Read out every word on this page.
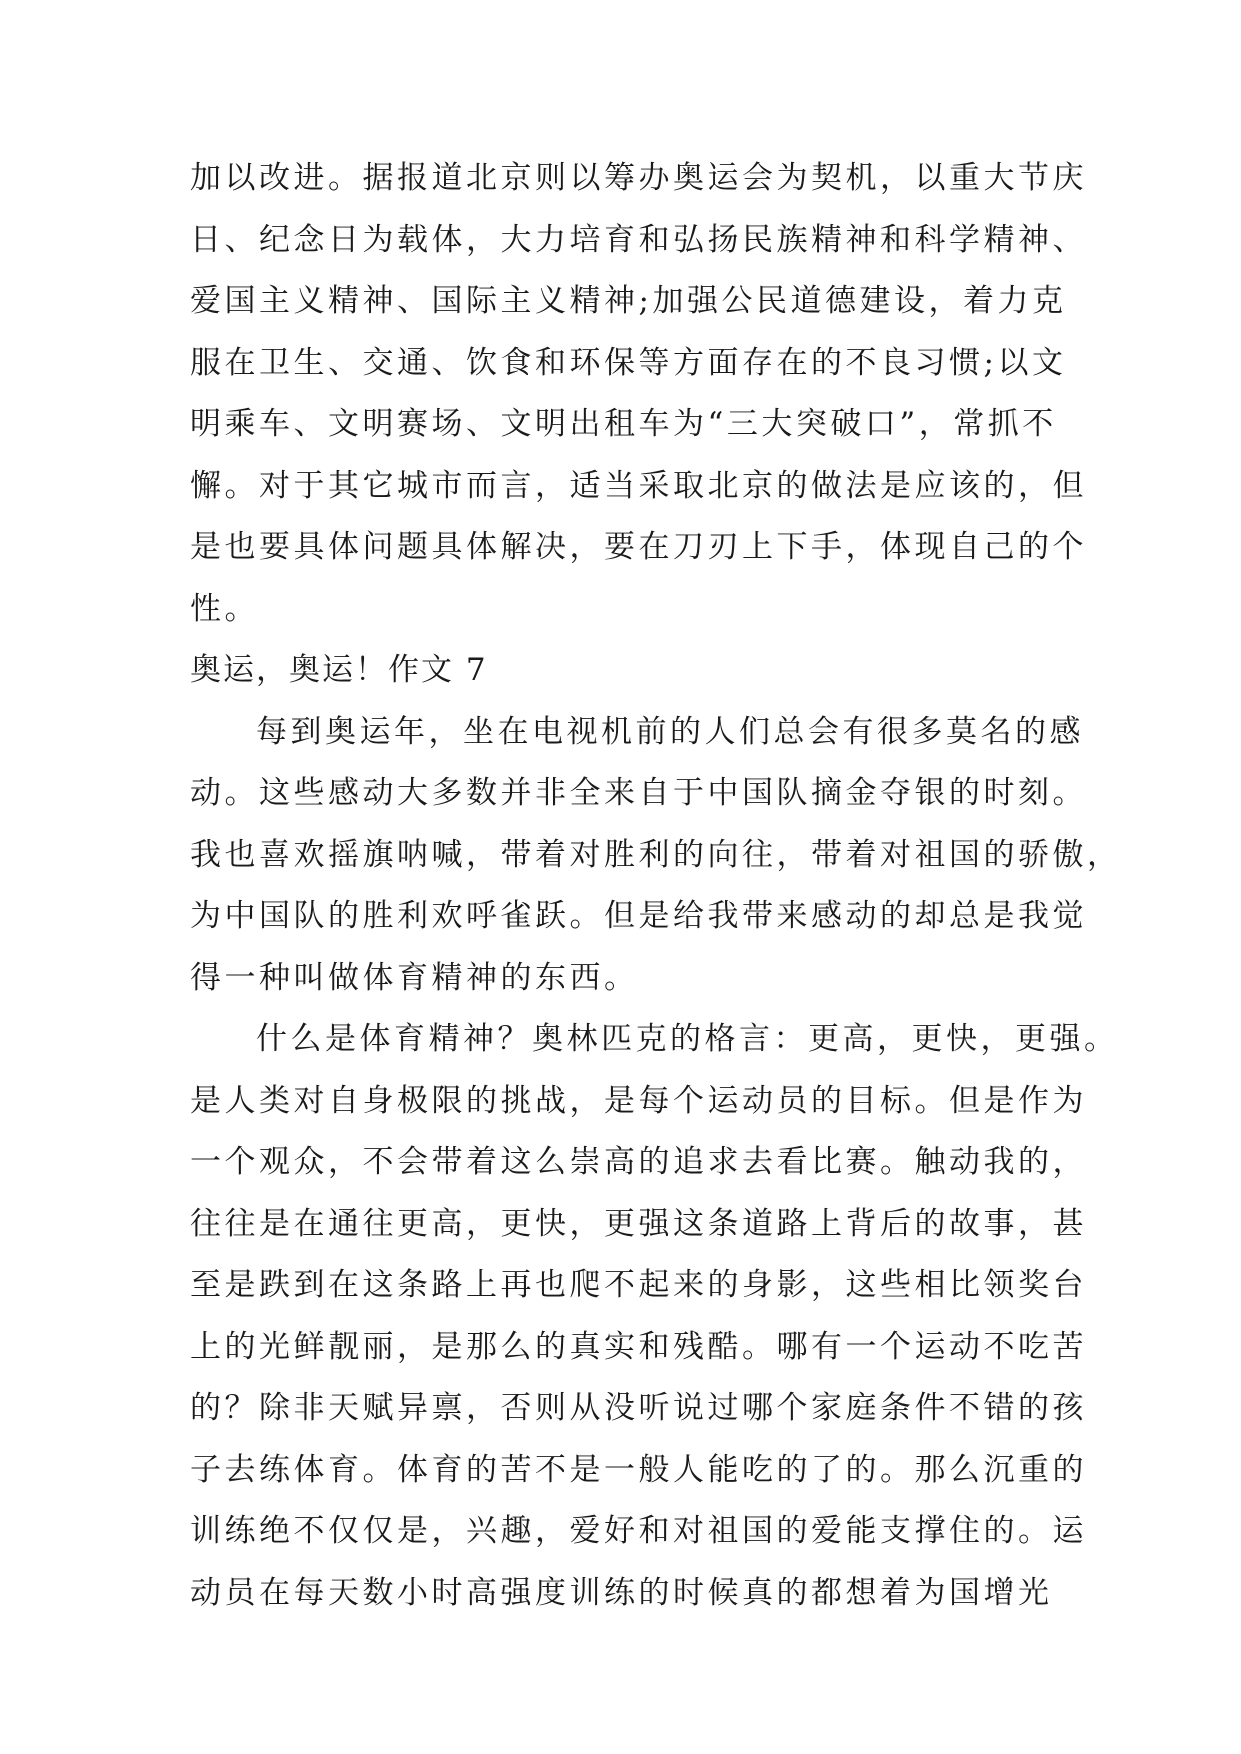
加以改进。据报道北京则以筹办奥运会为契机，以重大节庆
日、纪念日为载体，大力培育和弘扬民族精神和科学精神、
爱国主义精神、国际主义精神;加强公民道德建设，着力克
服在卫生、交通、饮食和环保等方面存在的不良习惯;以文
明乘车、文明赛场、文明出租车为“三大突破口”，常抓不
懈。对于其它城市而言，适当采取北京的做法是应该的，但
是也要具体问题具体解决，要在刀刃上下手，体现自己的个
性。
奥运，奥运！作文 7
每到奥运年，坐在电视机前的人们总会有很多莫名的感
动。这些感动大多数并非全来自于中国队摘金夺银的时刻。
我也喜欢摇旗呐喊，带着对胜利的向往，带着对祖国的骄傲，
为中国队的胜利欢呼雀跃。但是给我带来感动的却总是我觉
得一种叫做体育精神的东西。
什么是体育精神？奥林匹克的格言：更高，更快，更强。
是人类对自身极限的挑战，是每个运动员的目标。但是作为
一个观众，不会带着这么崇高的追求去看比赛。触动我的，
往往是在通往更高，更快，更强这条道路上背后的故事，甚
至是跌到在这条路上再也爬不起来的身影，这些相比领奖台
上的光鲜靓丽，是那么的真实和残酷。哪有一个运动不吃苦
的？除非天赋异禀，否则从没听说过哪个家庭条件不错的孩
子去练体育。体育的苦不是一般人能吃的了的。那么沉重的
训练绝不仅仅是，兴趣，爱好和对祖国的爱能支撑住的。运
动员在每天数小时高强度训练的时候真的都想着为国增光
